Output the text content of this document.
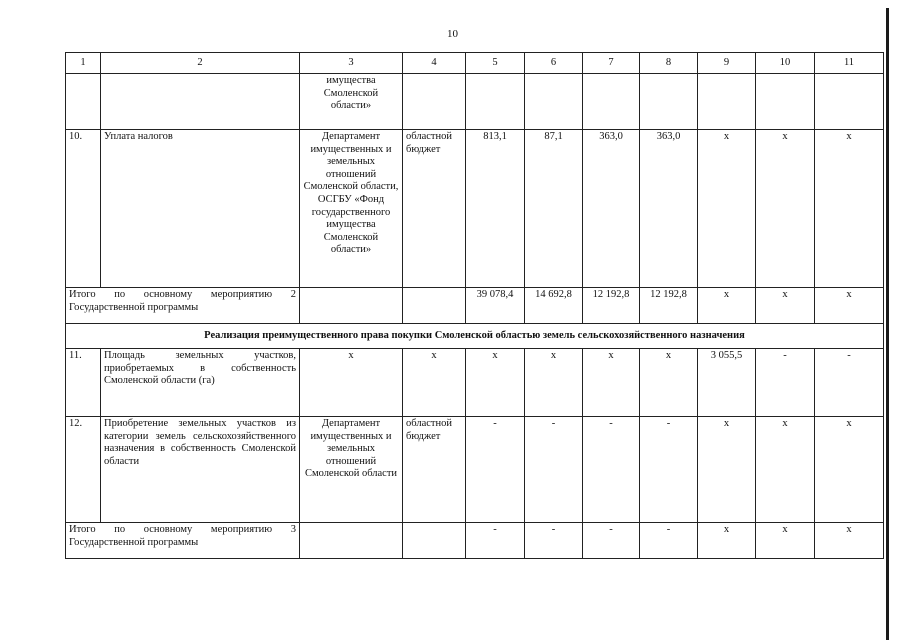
10
1	2	3	4	5	6	7	8	9	10	11
		имущества Смоленской области»								
10.	Уплата налогов	Департамент имущественных и земельных отношений Смоленской области, ОСГБУ «Фонд государственного имущества Смоленской области»	областной бюджет	813,1	87,1	363,0	363,0	х	х	х
Итого по основному мероприятию 2 Государственной программы				39 078,4	14 692,8	12 192,8	12 192,8	х	х	х
Реализация преимущественного права покупки Смоленской областью земель сельскохозяйственного назначения										
11.	Площадь земельных участков, приобретаемых в собственность Смоленской области (га)	х	х	х	х	х	х	3 055,5	-	-
12.	Приобретение земельных участков из категории земель сельскохозяйственного назначения в собственность Смоленской области	Департамент имущественных и земельных отношений Смоленской области	областной бюджет	-	-	-	-	х	х	х
Итого по основному мероприятию 3 Государственной программы				-	-	-	-	х	х	х
